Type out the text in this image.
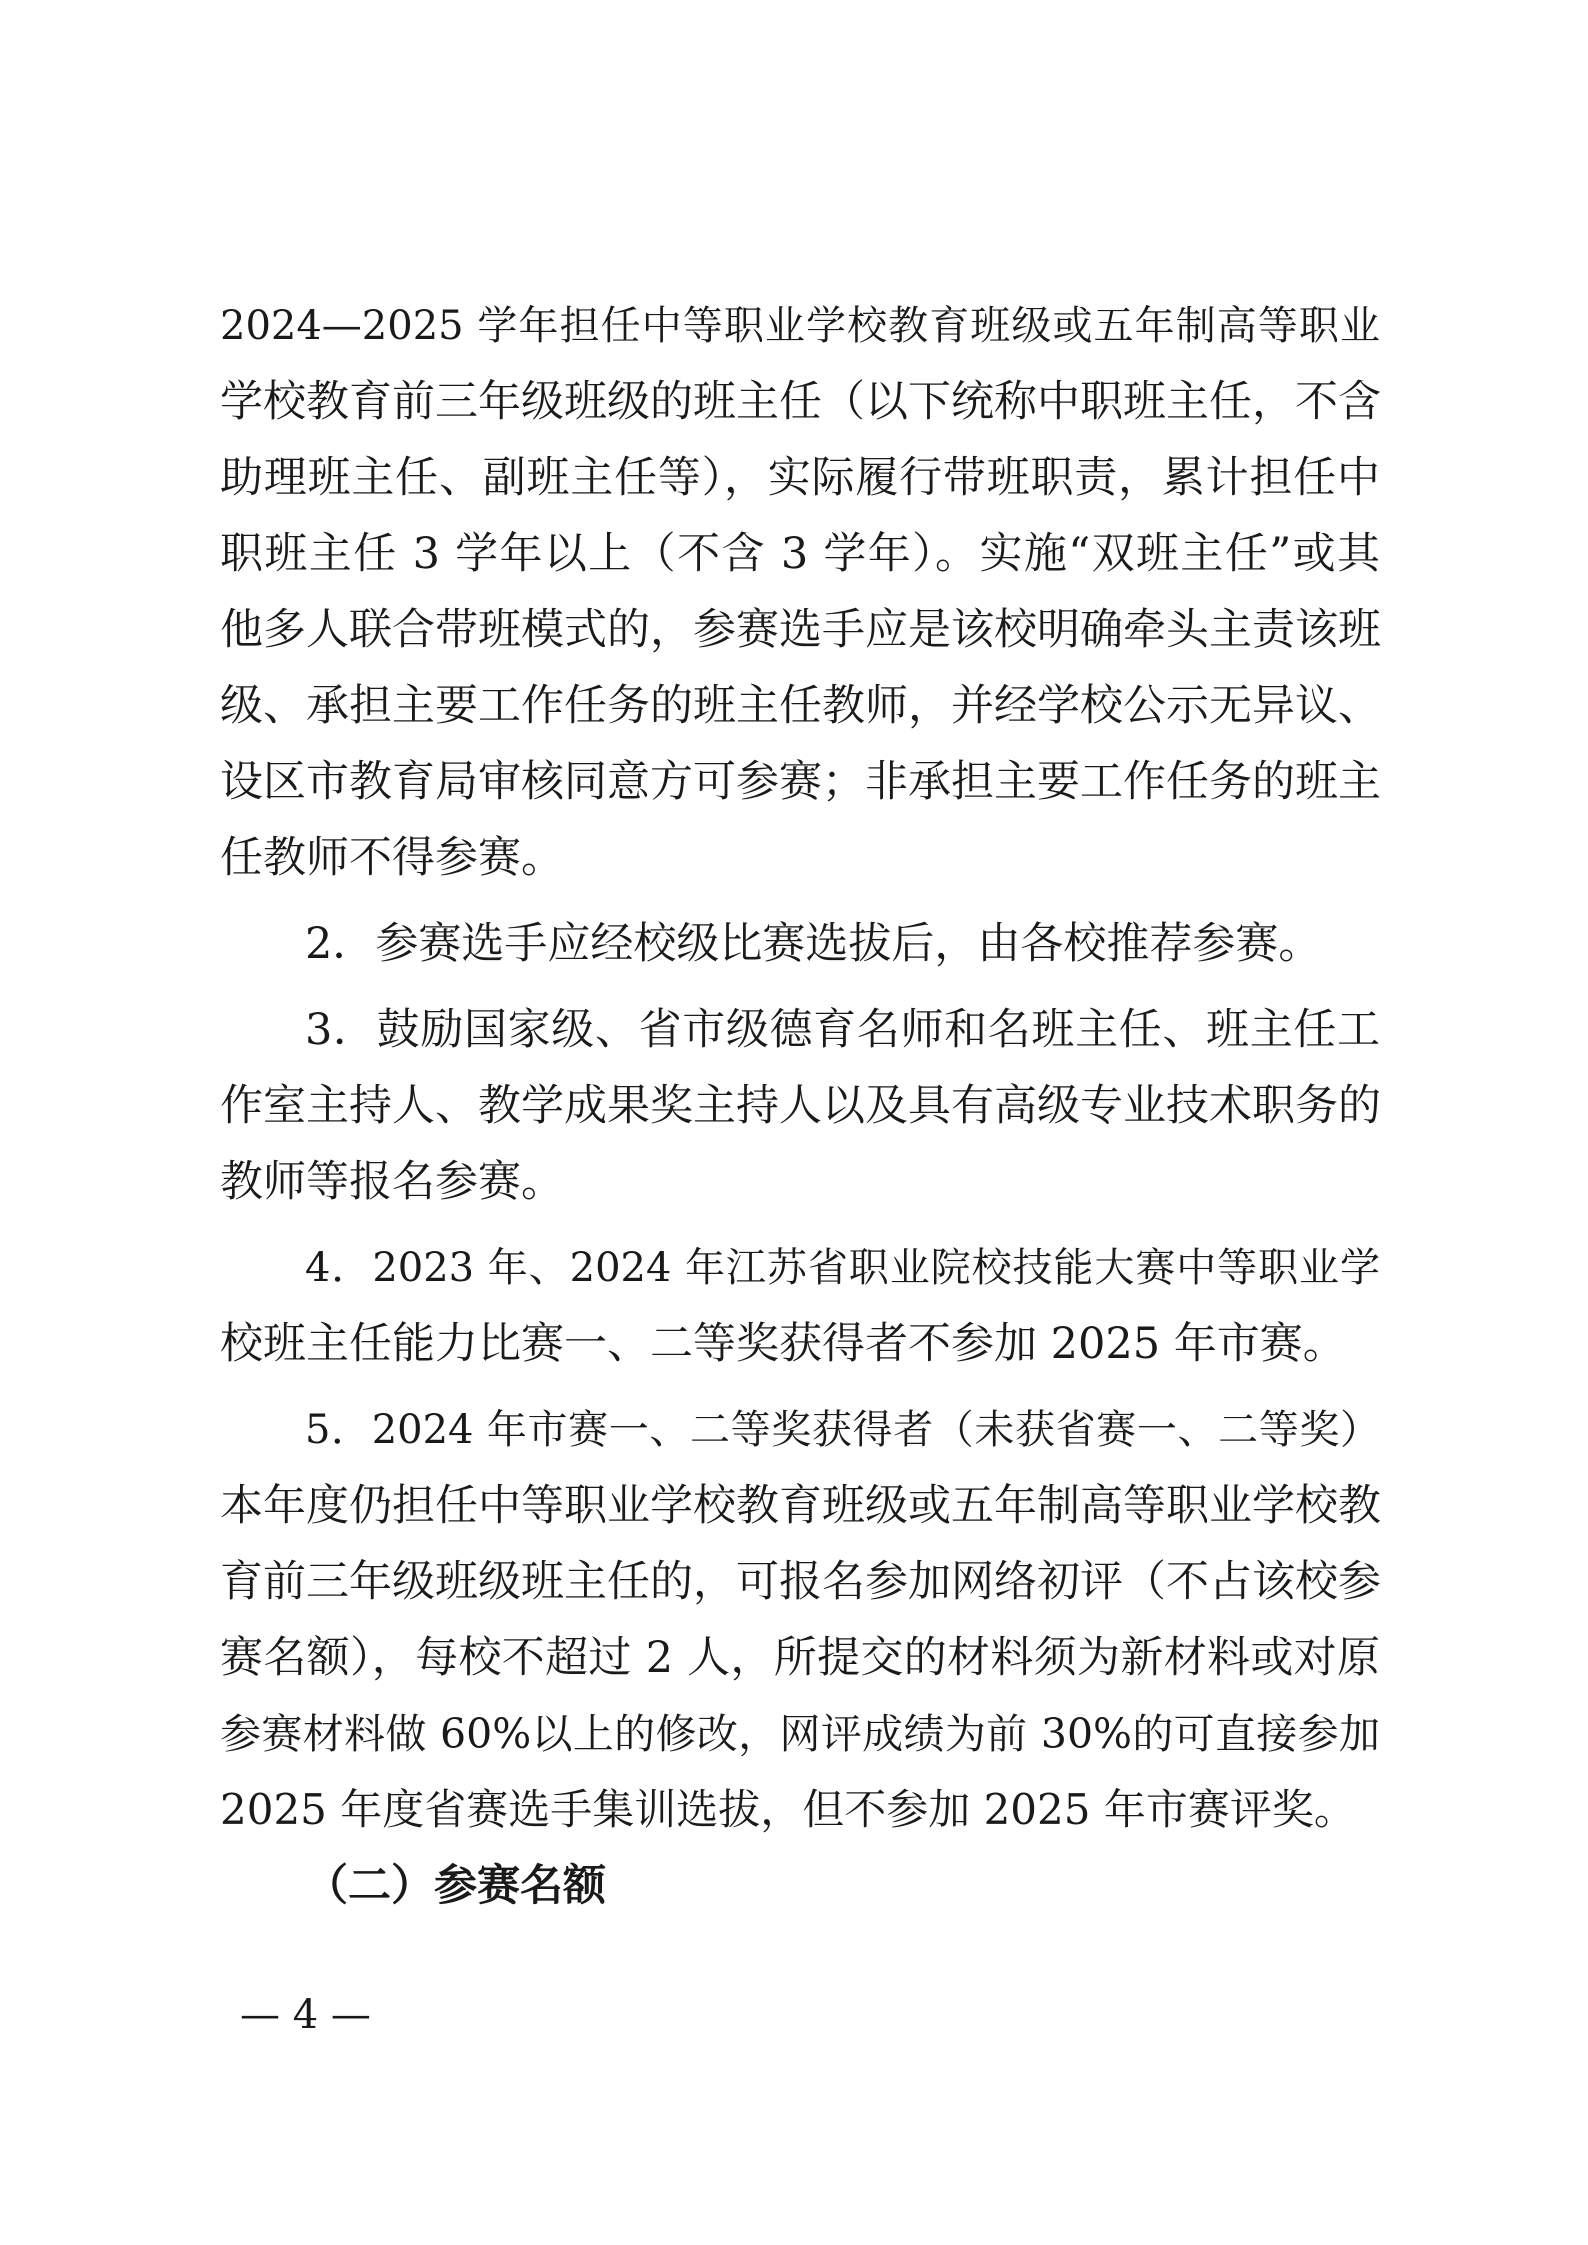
2024—2025 学年担任中等职业学校教育班级或五年制高等职业
学校教育前三年级班级的班主任（以下统称中职班主任，不含
助理班主任、副班主任等），实际履行带班职责，累计担任中
职班主任 3 学年以上（不含 3 学年）。实施“双班主任”或其
他多人联合带班模式的，参赛选手应是该校明确牵头主责该班
级、承担主要工作任务的班主任教师，并经学校公示无异议、
设区市教育局审核同意方可参赛；非承担主要工作任务的班主
任教师不得参赛。
2．参赛选手应经校级比赛选拔后，由各校推荐参赛。
3．鼓励国家级、省市级德育名师和名班主任、班主任工
作室主持人、教学成果奖主持人以及具有高级专业技术职务的
教师等报名参赛。
4．2023 年、2024 年江苏省职业院校技能大赛中等职业学
校班主任能力比赛一、二等奖获得者不参加 2025 年市赛。
5．2024 年市赛一、二等奖获得者（未获省赛一、二等奖）
本年度仍担任中等职业学校教育班级或五年制高等职业学校教
育前三年级班级班主任的，可报名参加网络初评（不占该校参
赛名额），每校不超过 2 人，所提交的材料须为新材料或对原
参赛材料做 60%以上的修改，网评成绩为前 30%的可直接参加
2025 年度省赛选手集训选拔，但不参加 2025 年市赛评奖。
（二）参赛名额
— 4 —
